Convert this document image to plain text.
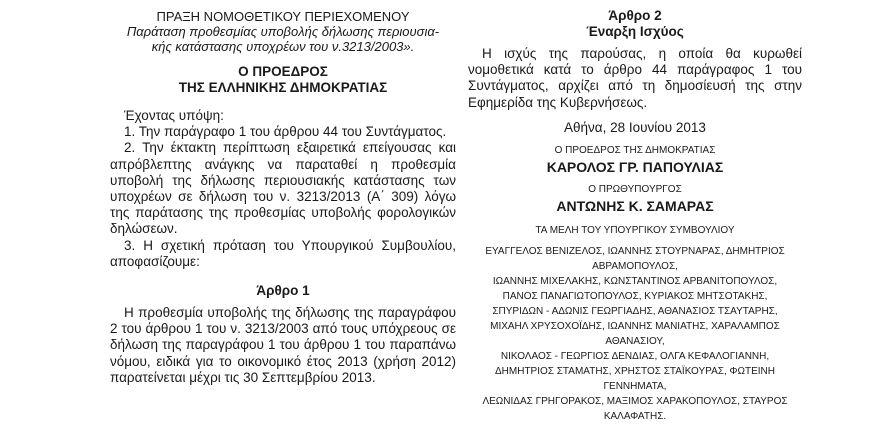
ΠΡΑΞΗ ΝΟΜΟΘΕΤΙΚΟΥ ΠΕΡΙΕΧΟΜΕΝΟΥ
Παράταση προθεσμίας υποβολής δήλωσης περιουσια-
κής κατάστασης υποχρέων του ν.3213/2003».
Ο ΠΡΟΕΔΡΟΣ
ΤΗΣ ΕΛΛΗΝΙΚΗΣ ΔΗΜΟΚΡΑΤΙΑΣ

Έχοντας υπόψη:

1. Την παράγραφο 1 του άρθρου 44 του Συντάγματος.

2. Την έκτακτη περίπτωση εξαιρετικά επείγουσας και απρόβλεπτης ανάγκης να παραταθεί η προθεσμία υποβολή της δήλωσης περιουσιακής κατάστασης των υποχρέων σε δήλωση του ν. 3213/2013 (Α΄ 309) λόγω της παράτασης της προθεσμίας υποβολής φορολογικών δηλώσεων.

3. Η σχετική πρόταση του Υπουργικού Συμβουλίου, αποφασίζουμε:

Άρθρο 1

Η προθεσμία υποβολής της δήλωσης της παραγράφου 2 του άρθρου 1 του ν. 3213/2003 από τους υπόχρεους σε δήλωση της παραγράφου 1 του άρθρου 1 του παραπάνω νόμου, ειδικά για το οικονομικό έτος 2013 (χρήση 2012) παρατείνεται μέχρι τις 30 Σεπτεμβρίου 2013.

Άρθρο 2
Έναρξη Ισχύος

Η ισχύς της παρούσας, η οποία θα κυρωθεί νομοθετικά κατά το άρθρο 44 παράγραφος 1 του Συντάγματος, αρχίζει από τη δημοσίευσή της στην Εφημερίδα της Κυβερνήσεως.

Αθήνα, 28 Ιουνίου 2013
Ο ΠΡΟΕΔΡΟΣ ΤΗΣ ΔΗΜΟΚΡΑΤΙΑΣ
ΚΑΡΟΛΟΣ ΓΡ. ΠΑΠΟΥΛΙΑΣ
Ο ΠΡΩΘΥΠΟΥΡΓΟΣ
ΑΝΤΩΝΗΣ Κ. ΣΑΜΑΡΑΣ
ΤΑ ΜΕΛΗ ΤΟΥ ΥΠΟΥΡΓΙΚΟΥ ΣΥΜΒΟΥΛΙΟΥ
ΕΥΑΓΓΕΛΟΣ ΒΕΝΙΖΕΛΟΣ, ΙΩΑΝΝΗΣ ΣΤΟΥΡΝΑΡΑΣ, ΔΗΜΗΤΡΙΟΣ ΑΒΡΑΜΟΠΟΥΛΟΣ,
ΙΩΑΝΝΗΣ ΜΙΧΕΛΑΚΗΣ, ΚΩΝΣΤΑΝΤΙΝΟΣ ΑΡΒΑΝΙΤΟΠΟΥΛΟΣ,
ΠΑΝΟΣ ΠΑΝΑΓΙΩΤΟΠΟΥΛΟΣ, ΚΥΡΙΑΚΟΣ ΜΗΤΣΟΤΑΚΗΣ,
ΣΠΥΡΙΔΩΝ - ΑΔΩΝΙΣ ΓΕΩΡΓΙΑΔΗΣ, ΑΘΑΝΑΣΙΟΣ ΤΣΑΥΤΑΡΗΣ,
ΜΙΧΑΗΛ ΧΡΥΣΟΧΟΪΔΗΣ, ΙΩΑΝΝΗΣ ΜΑΝΙΑΤΗΣ, ΧΑΡΑΛΑΜΠΟΣ ΑΘΑΝΑΣΙΟΥ,
ΝΙΚΟΛΑΟΣ - ΓΕΩΡΓΙΟΣ ΔΕΝΔΙΑΣ, ΟΛΓΑ ΚΕΦΑΛΟΓΙΑΝΝΗ,
ΔΗΜΗΤΡΙΟΣ ΣΤΑΜΑΤΗΣ, ΧΡΗΣΤΟΣ ΣΤΑΪΚΟΥΡΑΣ, ΦΩΤΕΙΝΗ ΓΕΝΝΗΜΑΤΑ,
ΛΕΩΝΙΔΑΣ ΓΡΗΓΟΡΑΚΟΣ, ΜΑΞΙΜΟΣ ΧΑΡΑΚΟΠΟΥΛΟΣ, ΣΤΑΥΡΟΣ ΚΑΛΑΦΑΤΗΣ.
